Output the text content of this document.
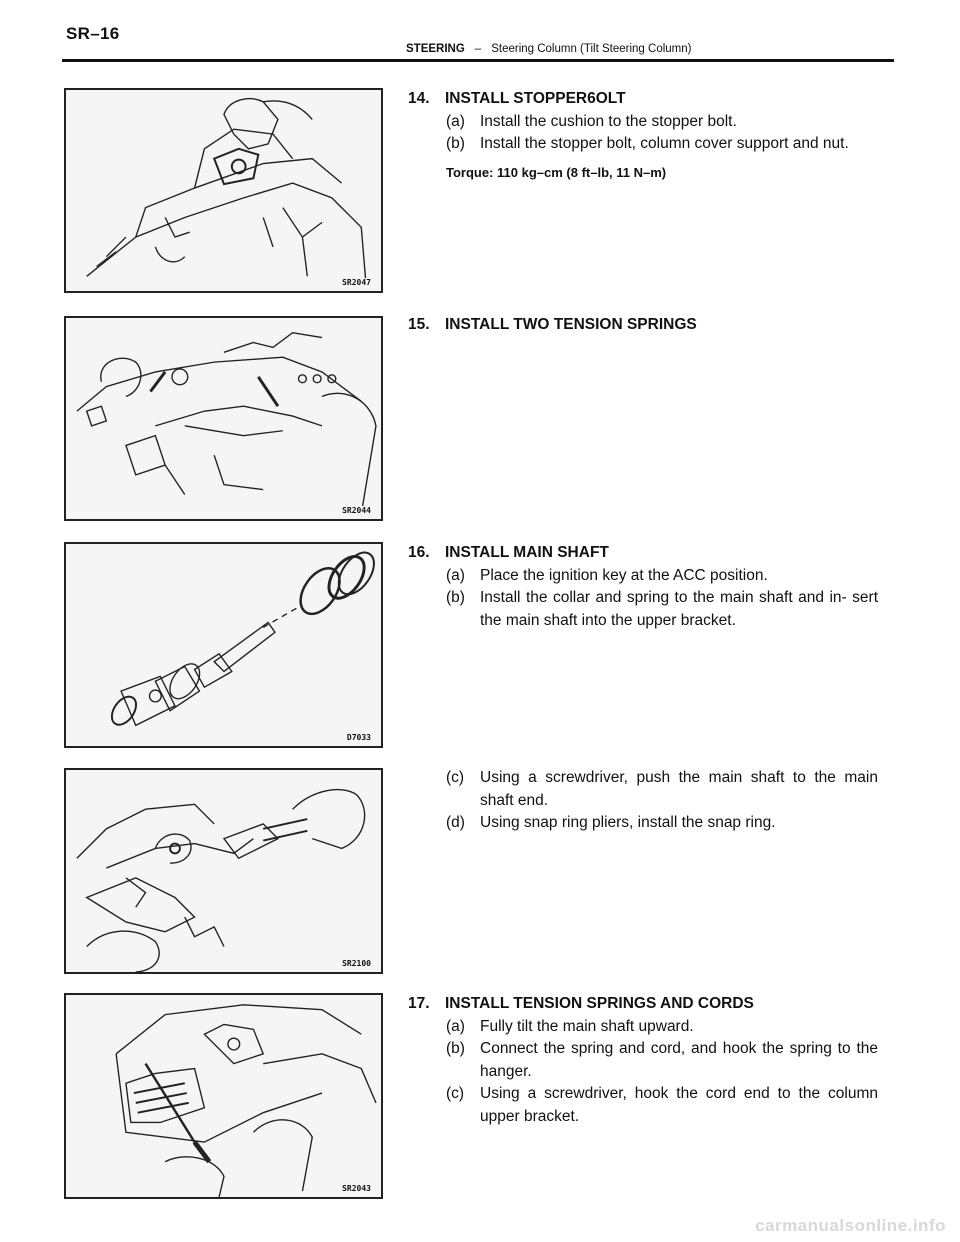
SR–16
STEERING – Steering Column (Tilt Steering Column)
SR2047
SR2044
D7033
SR2100
SR2043
14. INSTALL STOPPER6OLT
(a) Install the cushion to the stopper bolt.
(b) Install the stopper bolt, column cover support and nut.
Torque: 110 kg–cm (8 ft–lb, 11 N–m)
15. INSTALL TWO TENSION SPRINGS
16. INSTALL MAIN SHAFT
(a) Place the ignition key at the ACC position.
(b) Install the collar and spring to the main shaft and in‑ sert the main shaft into the upper bracket.
(c) Using a screwdriver, push the main shaft to the main shaft end.
(d) Using snap ring pliers, install the snap ring.
17. INSTALL TENSION SPRINGS AND CORDS
(a) Fully tilt the main shaft upward.
(b) Connect the spring and cord, and hook the spring to the hanger.
(c) Using a screwdriver, hook the cord end to the column upper bracket.
carmanualsonline.info
